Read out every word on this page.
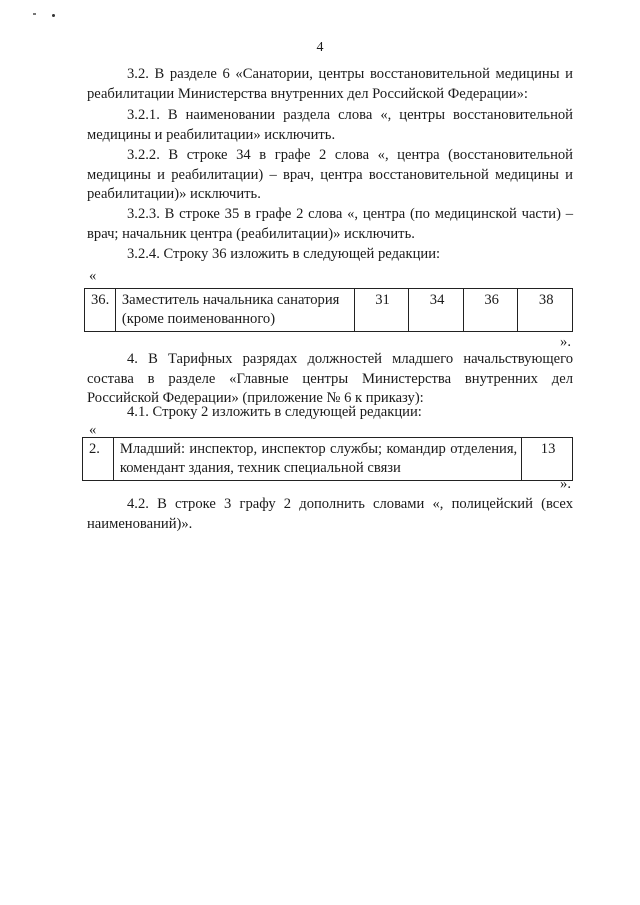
4
3.2. В разделе 6 «Санатории, центры восстановительной медицины и реабилитации Министерства внутренних дел Российской Федерации»:
3.2.1. В наименовании раздела слова «, центры восстановительной медицины и реабилитации» исключить.
3.2.2. В строке 34 в графе 2 слова «, центра (восстановительной медицины и реабилитации) – врач, центра восстановительной медицины и реабилитации)» исключить.
3.2.3. В строке 35 в графе 2 слова «, центра (по медицинской части) – врач; начальник центра (реабилитации)» исключить.
3.2.4. Строку 36 изложить в следующей редакции:
«
36.	Заместитель начальника санатория (кроме поименованного)	31	34	36	38
».
4. В Тарифных разрядах должностей младшего начальствующего состава в разделе «Главные центры Министерства внутренних дел Российской Федерации» (приложение № 6 к приказу):
4.1. Строку 2 изложить в следующей редакции:
«
2.	Младший: инспектор, инспектор службы; командир отделения, комендант здания, техник специальной связи	13
».
4.2. В строке 3 графу 2 дополнить словами «, полицейский (всех наименований)».
